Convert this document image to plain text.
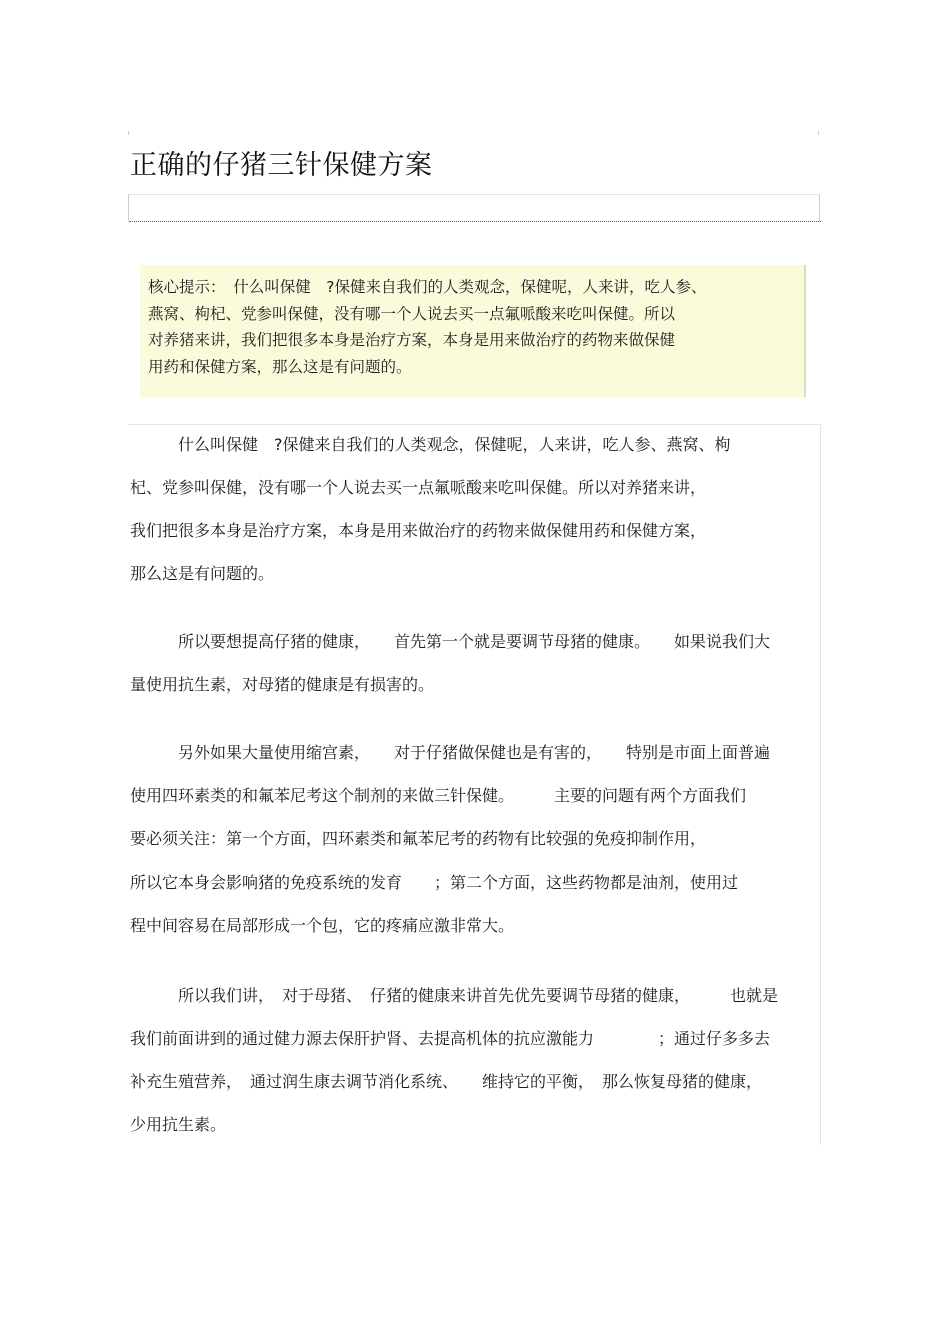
正确的仔猪三针保健方案

核心提示：　什么叫保健　?保健来自我们的人类观念，保健呢，人来讲，吃人参、

燕窝、枸杞、党参叫保健，没有哪一个人说去买一点氟哌酸来吃叫保健。所以

对养猪来讲，我们把很多本身是治疗方案，本身是用来做治疗的药物来做保健

用药和保健方案，那么这是有问题的。

　　　什么叫保健　?保健来自我们的人类观念，保健呢，人来讲，吃人参、燕窝、枸

杞、党参叫保健，没有哪一个人说去买一点氟哌酸来吃叫保健。所以对养猪来讲，

我们把很多本身是治疗方案，本身是用来做治疗的药物来做保健用药和保健方案，

那么这是有问题的。

　　　所以要想提高仔猪的健康，　　首先第一个就是要调节母猪的健康。　　如果说我们大

量使用抗生素，对母猪的健康是有损害的。

　　　另外如果大量使用缩宫素，　　对于仔猪做保健也是有害的，　　特别是市面上面普遍

使用四环素类的和氟苯尼考这个制剂的来做三针保健。　　　主要的问题有两个方面我们

要必须关注：第一个方面，四环素类和氟苯尼考的药物有比较强的免疫抑制作用，

所以它本身会影响猪的免疫系统的发育　　；第二个方面，这些药物都是油剂，使用过

程中间容易在局部形成一个包，它的疼痛应激非常大。

　　　所以我们讲，　对于母猪、　仔猪的健康来讲首先优先要调节母猪的健康，　　　也就是

我们前面讲到的通过健力源去保肝护肾、去提高机体的抗应激能力　　　　；通过仔多多去

补充生殖营养，　通过润生康去调节消化系统、　　维持它的平衡，　那么恢复母猪的健康，

少用抗生素。
